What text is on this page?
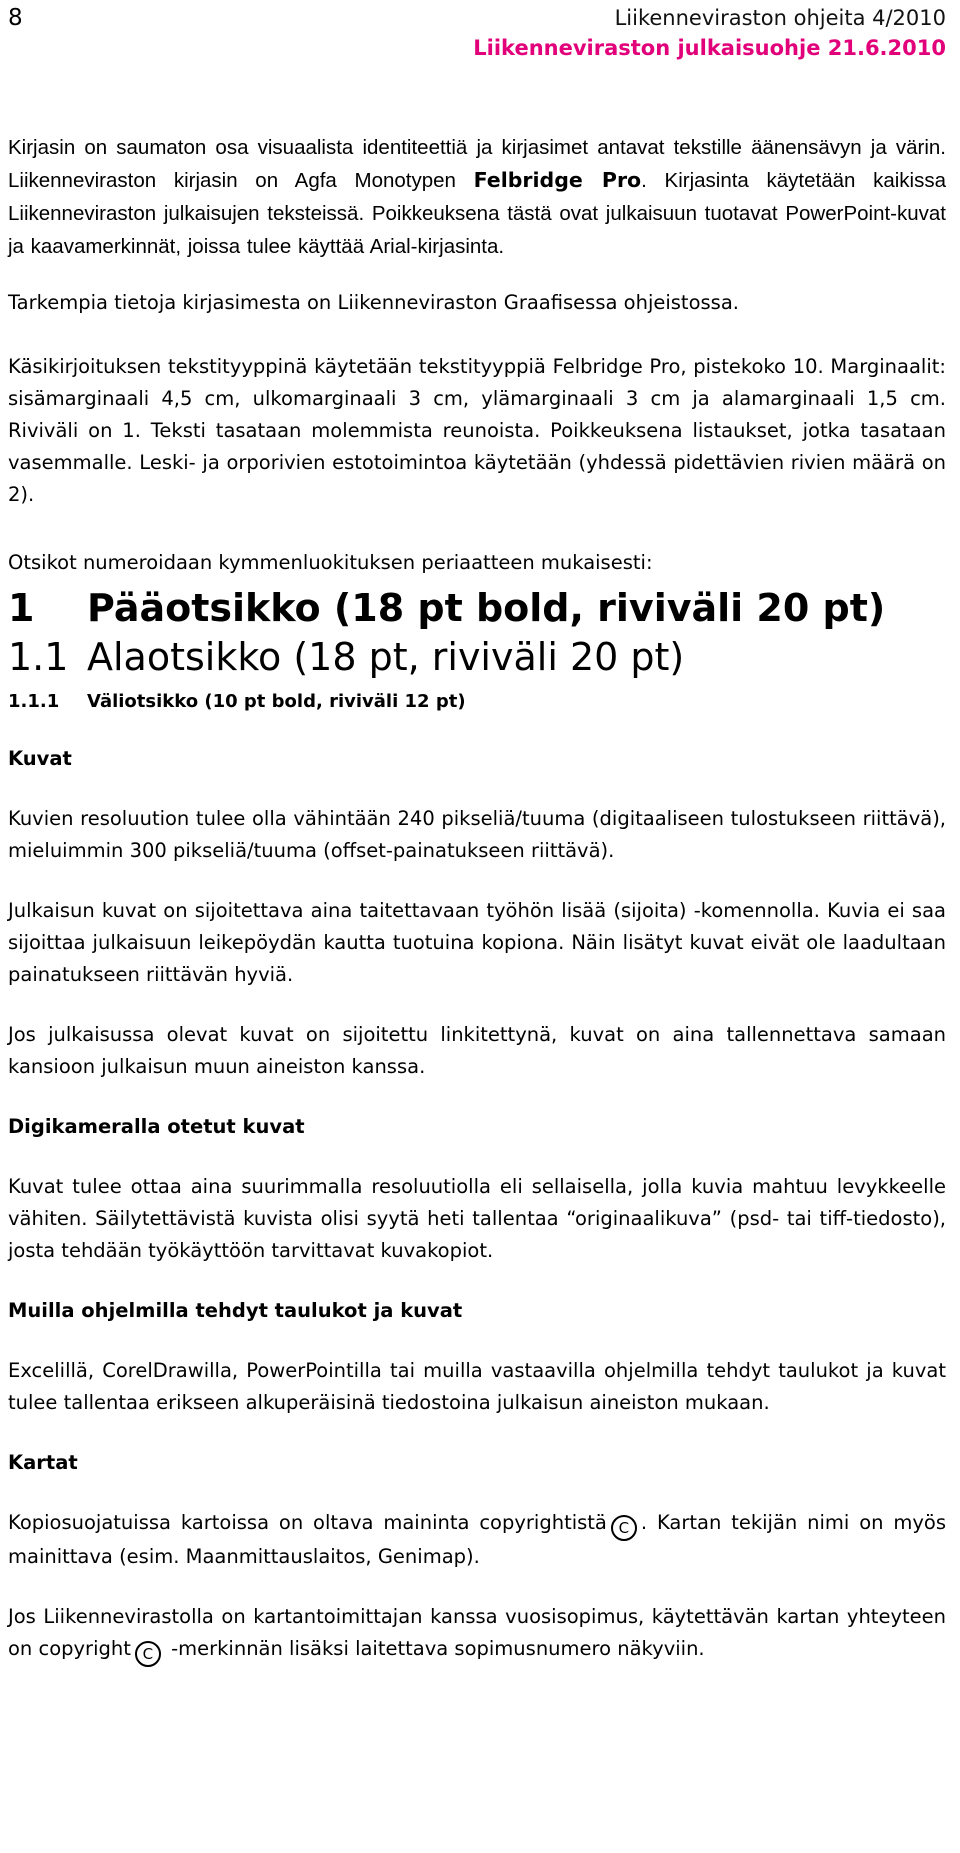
8	Liikenneviraston ohjeita 4/2010

Liikenneviraston julkaisuohje 21.6.2010

Kirjasin on saumaton osa visuaalista identiteettiä ja kirjasimet antavat tekstille äänensävyn ja värin. Liikenneviraston kirjasin on Agfa Monotypen Felbridge Pro. Kirjasinta käytetään kaikissa Liikenneviraston julkaisujen teksteissä. Poikkeuksena tästä ovat julkaisuun tuotavat PowerPoint-kuvat ja kaavamerkinnät, joissa tulee käyttää Arial-kirjasinta.

Tarkempia tietoja kirjasimesta on Liikenneviraston Graafisessa ohjeistossa.

Käsikirjoituksen tekstityyppinä käytetään tekstityyppiä Felbridge Pro, pistekoko 10. Marginaalit: sisämarginaali 4,5 cm, ulkomarginaali 3 cm, ylämarginaali 3 cm ja alamarginaali 1,5 cm. Riviväli on 1. Teksti tasataan molemmista reunoista. Poikkeuksena listaukset, jotka tasataan vasemmalle. Leski- ja orporivien estotoimintoa käytetään (yhdessä pidettävien rivien määrä on 2).

Otsikot numeroidaan kymmenluokituksen periaatteen mukaisesti:

1	Pääotsikko (18 pt bold, riviväli 20 pt)
1.1 Alaotsikko (18 pt, riviväli 20 pt)
1.1.1	Väliotsikko (10 pt bold, riviväli 12 pt)

Kuvat

Kuvien resoluution tulee olla vähintään 240 pikseliä/tuuma (digitaaliseen tulostukseen riittävä), mieluimmin 300 pikseliä/tuuma (offset-painatukseen riittävä).

Julkaisun kuvat on sijoitettava aina taitettavaan työhön lisää (sijoita) -komennolla. Kuvia ei saa sijoittaa julkaisuun leikepöydän kautta tuotuina kopiona. Näin lisätyt kuvat eivät ole laadultaan painatukseen riittävän hyviä.

Jos julkaisussa olevat kuvat on sijoitettu linkitettynä, kuvat on aina tallennettava samaan kansioon julkaisun muun aineiston kanssa.

Digikameralla otetut kuvat

Kuvat tulee ottaa aina suurimmalla resoluutiolla eli sellaisella, jolla kuvia mahtuu levykkeelle vähiten. Säilytettävistä kuvista olisi syytä heti tallentaa “originaalikuva” (psd- tai tiff-tiedosto), josta tehdään työkäyttöön tarvittavat kuvakopiot.

Muilla ohjelmilla tehdyt taulukot ja kuvat

Excelillä, CorelDrawilla, PowerPointilla tai muilla vastaavilla ohjelmilla tehdyt taulukot ja kuvat tulee tallentaa erikseen alkuperäisinä tiedostoina julkaisun aineiston mukaan.

Kartat

Kopiosuojatuissa kartoissa on oltava maininta copyrightistä C . Kartan tekijän nimi on myös mainittava (esim. Maanmittauslaitos, Genimap).

Jos Liikennevirastolla on kartantoimittajan kanssa vuosisopimus, käytettävän kartan yhteyteen on copyright C -merkinnän lisäksi laitettava sopimusnumero näkyviin.
